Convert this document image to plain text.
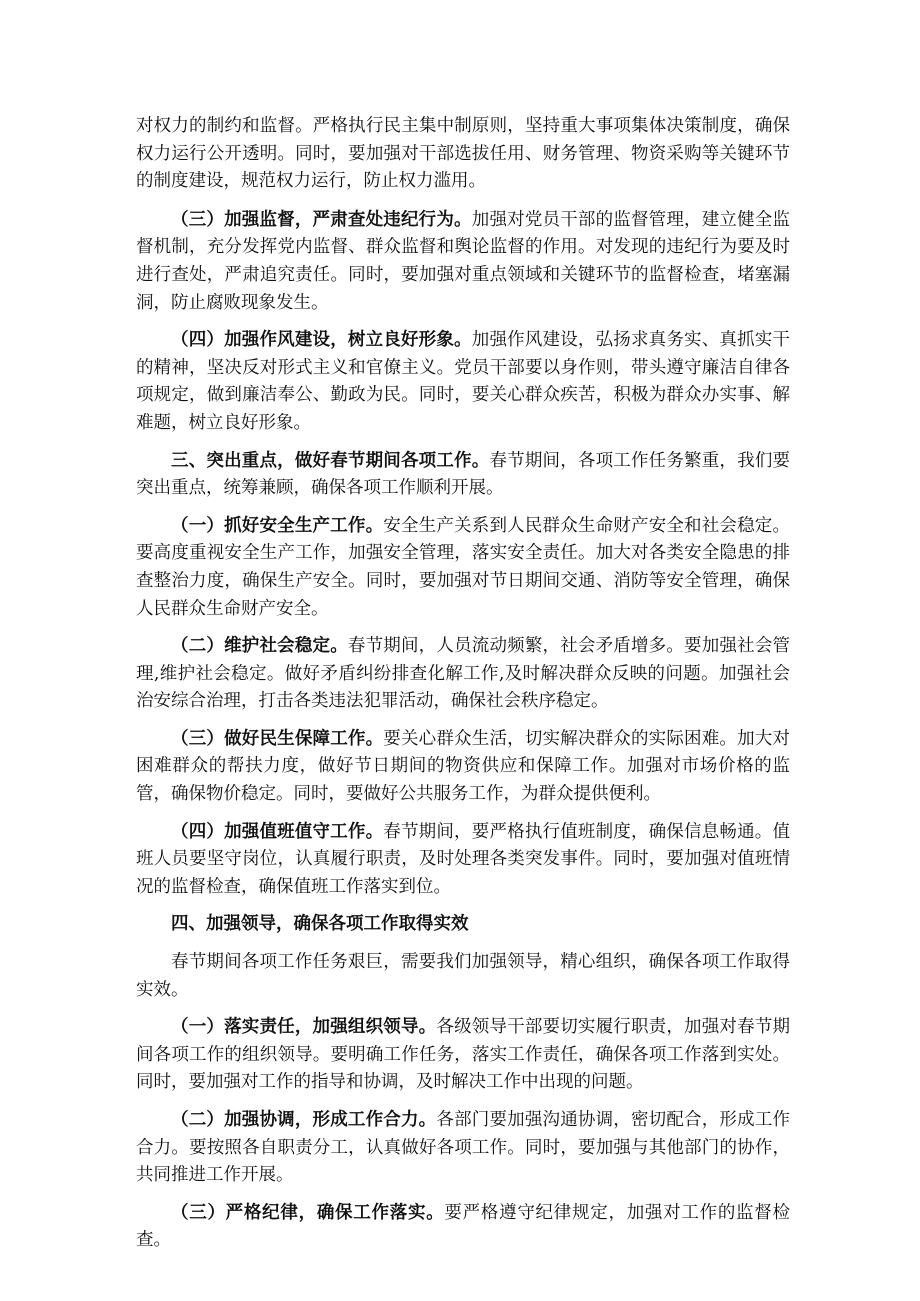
对权力的制约和监督。严格执行民主集中制原则，坚持重大事项集体决策制度，确保权力运行公开透明。同时，要加强对干部选拔任用、财务管理、物资采购等关键环节的制度建设，规范权力运行，防止权力滥用。

（三）加强监督，严肃查处违纪行为。加强对党员干部的监督管理，建立健全监督机制，充分发挥党内监督、群众监督和舆论监督的作用。对发现的违纪行为要及时进行查处，严肃追究责任。同时，要加强对重点领域和关键环节的监督检查，堵塞漏洞，防止腐败现象发生。

（四）加强作风建设，树立良好形象。加强作风建设，弘扬求真务实、真抓实干的精神，坚决反对形式主义和官僚主义。党员干部要以身作则，带头遵守廉洁自律各项规定，做到廉洁奉公、勤政为民。同时，要关心群众疾苦，积极为群众办实事、解难题，树立良好形象。

三、突出重点，做好春节期间各项工作。春节期间，各项工作任务繁重，我们要突出重点，统筹兼顾，确保各项工作顺利开展。

（一）抓好安全生产工作。安全生产关系到人民群众生命财产安全和社会稳定。要高度重视安全生产工作，加强安全管理，落实安全责任。加大对各类安全隐患的排查整治力度，确保生产安全。同时，要加强对节日期间交通、消防等安全管理，确保人民群众生命财产安全。

（二）维护社会稳定。春节期间，人员流动频繁，社会矛盾增多。要加强社会管理,维护社会稳定。做好矛盾纠纷排查化解工作,及时解决群众反映的问题。加强社会治安综合治理，打击各类违法犯罪活动，确保社会秩序稳定。

（三）做好民生保障工作。要关心群众生活，切实解决群众的实际困难。加大对困难群众的帮扶力度，做好节日期间的物资供应和保障工作。加强对市场价格的监管，确保物价稳定。同时，要做好公共服务工作，为群众提供便利。

（四）加强值班值守工作。春节期间，要严格执行值班制度，确保信息畅通。值班人员要坚守岗位，认真履行职责，及时处理各类突发事件。同时，要加强对值班情况的监督检查，确保值班工作落实到位。

四、加强领导，确保各项工作取得实效

春节期间各项工作任务艰巨，需要我们加强领导，精心组织，确保各项工作取得实效。

（一）落实责任，加强组织领导。各级领导干部要切实履行职责，加强对春节期间各项工作的组织领导。要明确工作任务，落实工作责任，确保各项工作落到实处。同时，要加强对工作的指导和协调，及时解决工作中出现的问题。

（二）加强协调，形成工作合力。各部门要加强沟通协调，密切配合，形成工作合力。要按照各自职责分工，认真做好各项工作。同时，要加强与其他部门的协作，共同推进工作开展。

（三）严格纪律，确保工作落实。要严格遵守纪律规定，加强对工作的监督检查。
